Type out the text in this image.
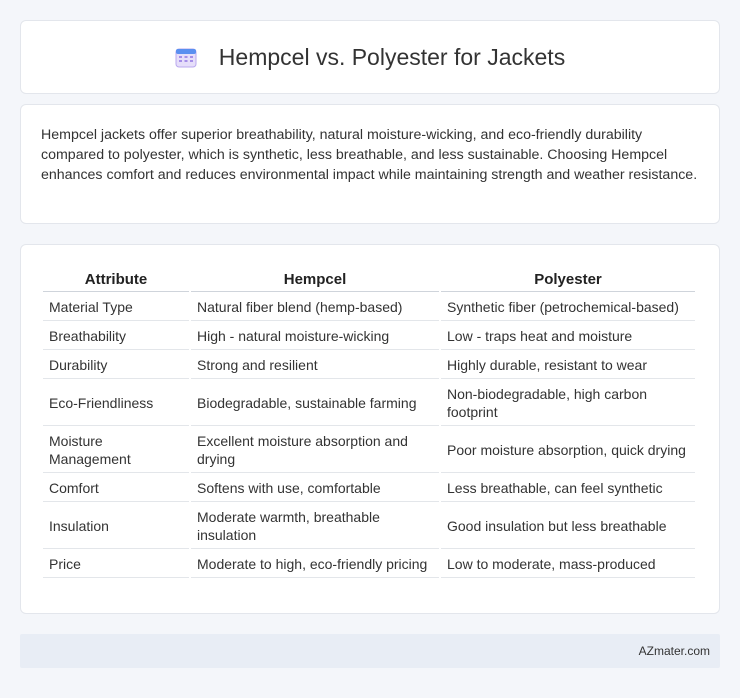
Hempcel vs. Polyester for Jackets

Hempcel jackets offer superior breathability, natural moisture-wicking, and eco-friendly durability compared to polyester, which is synthetic, less breathable, and less sustainable. Choosing Hempcel enhances comfort and reduces environmental impact while maintaining strength and weather resistance.

Attribute	Hempcel	Polyester
Material Type	Natural fiber blend (hemp-based)	Synthetic fiber (petrochemical-based)
Breathability	High - natural moisture-wicking	Low - traps heat and moisture
Durability	Strong and resilient	Highly durable, resistant to wear
Eco-Friendliness	Biodegradable, sustainable farming	Non-biodegradable, high carbon footprint
Moisture Management	Excellent moisture absorption and drying	Poor moisture absorption, quick drying
Comfort	Softens with use, comfortable	Less breathable, can feel synthetic
Insulation	Moderate warmth, breathable insulation	Good insulation but less breathable
Price	Moderate to high, eco-friendly pricing	Low to moderate, mass-produced
AZmater.com
